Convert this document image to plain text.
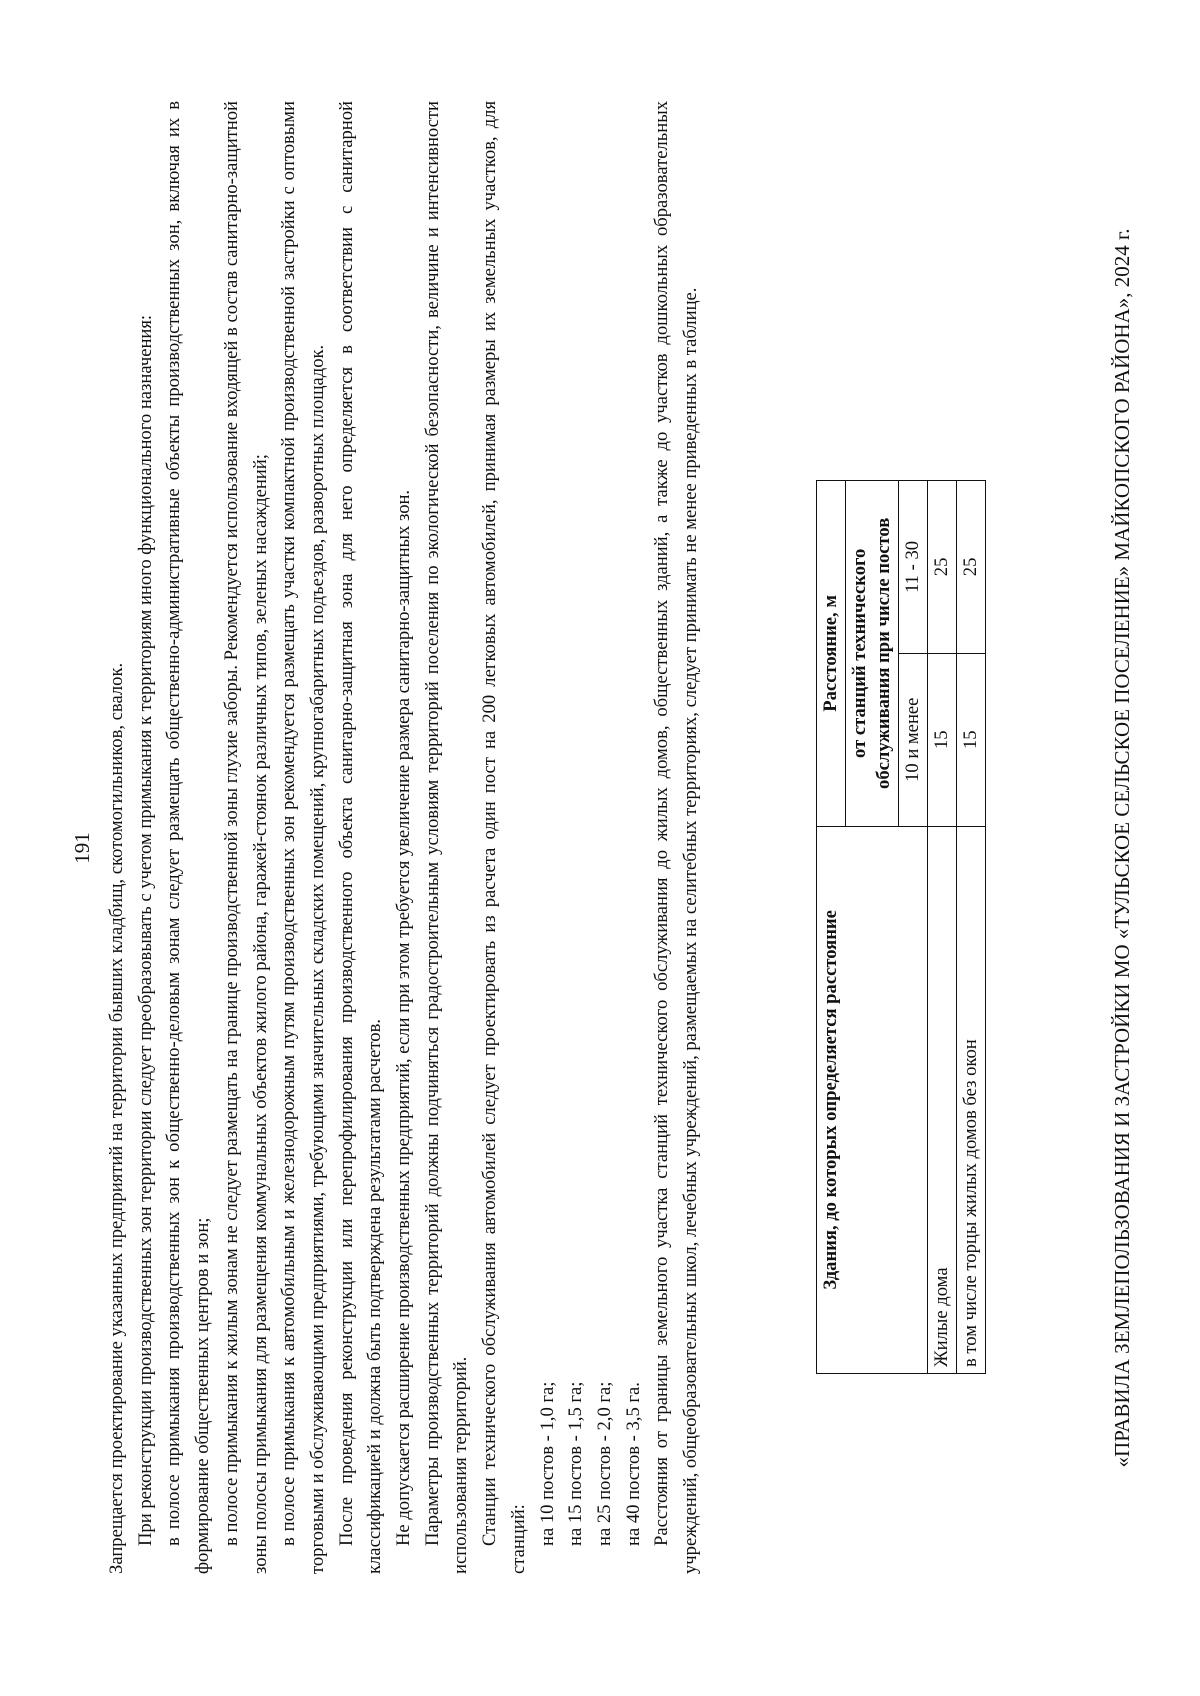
191 Запрещается проектирование указанных предприятий на территории бывших кладбищ, скотомогильников, свалок. При реконструкции производственных зон территории следует преобразовывать с учетом примыкания к территориям иного функционального назначения: в полосе примыкания производственных зон к общественно-деловым зонам следует размещать общественно-административные объекты производственных зон, включая их в формирование общественных центров и зон; в полосе примыкания к жилым зонам не следует размещать на границе производственной зоны глухие заборы. Рекомендуется использование входящей в состав санитарно-защитной зоны полосы примыкания для размещения коммунальных объектов жилого района, гаражей-стоянок различных типов, зеленых насаждений; в полосе примыкания к автомобильным и железнодорожным путям производственных зон рекомендуется размещать участки компактной производственной застройки с оптовыми торговыми и обслуживающими предприятиями, требующими значительных складских помещений, крупногабаритных подъездов, разворотных площадок. После проведения реконструкции или перепрофилирования производственного объекта санитарно-защитная зона для него определяется в соответствии с санитарной классификацией и должна быть подтверждена результатами расчетов. Не допускается расширение производственных предприятий, если при этом требуется увеличение размера санитарно-защитных зон. Параметры производственных территорий должны подчиняться градостроительным условиям территорий поселения по экологической безопасности, величине и интенсивности использования территорий. Станции технического обслуживания автомобилей следует проектировать из расчета один пост на 200 легковых автомобилей, принимая размеры их земельных участков, для станций: на 10 постов - 1,0 га; на 15 постов - 1,5 га; на 25 постов - 2,0 га; на 40 постов - 3,5 га. Расстояния от границы земельного участка станций технического обслуживания до жилых домов, общественных зданий, а также до участков дошкольных образовательных учреждений, общеобразовательных школ, лечебных учреждений, размещаемых на селитебных территориях, следует принимать не менее приведенных в таблице.	Здания, до которых определяется расстояние	Расстояние, м	
	от станций технического обслуживания при числе постов	
	10 и менее	11 - 30
Жилые дома	15	25
в том числе торцы жилых домов без окон	15	25	«ПРАВИЛА ЗЕМЛЕПОЛЬЗОВАНИЯ И ЗАСТРОЙКИ МО «ТУЛЬСКОЕ СЕЛЬСКОЕ ПОСЕЛЕНИЕ» МАЙКОПСКОГО РАЙОНА», 2024 г.
